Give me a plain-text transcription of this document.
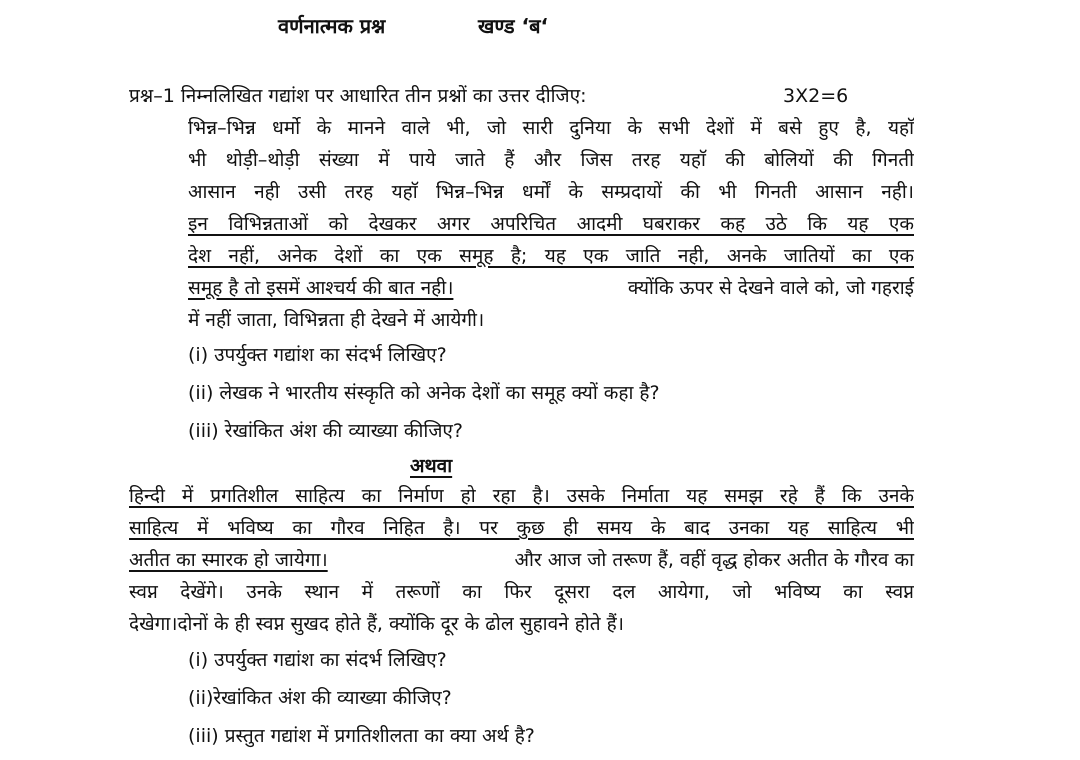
वर्णनात्मक प्रश्न	खण्ड ‘ब‘
प्रश्न–1 निम्नलिखित गद्यांश पर आधारित तीन प्रश्नों का उत्तर दीजिए:	3X2=6
भिन्न–भिन्न धर्मो के मानने वाले भी, जो सारी दुनिया के सभी देशों में बसे हुए है, यहाॅ
भी थोड़ी–थोड़ी संख्या में पाये जाते हैं और जिस तरह यहाॅ की बोलियों की गिनती
आसान नही उसी तरह यहाॅ भिन्न–भिन्न धर्मों के सम्प्रदायों की भी गिनती आसान नही।
इन विभिन्नताओं को देखकर अगर अपरिचित आदमी घबराकर कह उठे कि यह एक
देश नहीं, अनेक देशों का एक समूह है; यह एक जाति नही, अनके जातियों का एक
समूह है तो इसमें आश्चर्य की बात नही।	क्योंकि ऊपर से देखने वाले को, जो गहराई
में नहीं जाता, विभिन्नता ही देखने में आयेगी।
(i) उपर्युक्त गद्यांश का संदर्भ लिखिए?
(ii) लेखक ने भारतीय संस्कृति को अनेक देशों का समूह क्यों कहा है?
(iii) रेखांकित अंश की व्याख्या कीजिए?
अथवा
हिन्दी में प्रगतिशील साहित्य का निर्माण हो रहा है। उसके निर्माता यह समझ रहे हैं कि उनके
साहित्य में भविष्य का गौरव निहित है। पर कुछ ही समय के बाद उनका यह साहित्य भी
अतीत का स्मारक हो जायेगा।	और आज जो तरूण हैं, वहीं वृद्ध होकर अतीत के गौरव का
स्वप्न देखेंगे। उनके स्थान में तरूणों का फिर दूसरा दल आयेगा, जो भविष्य का स्वप्न
देखेगा।दोनों के ही स्वप्न सुखद होते हैं, क्योंकि दूर के ढोल सुहावने होते हैं।
(i) उपर्युक्त गद्यांश का संदर्भ लिखिए?
(ii)रेखांकित अंश की व्याख्या कीजिए?
(iii) प्रस्तुत गद्यांश में प्रगतिशीलता का क्या अर्थ है?
